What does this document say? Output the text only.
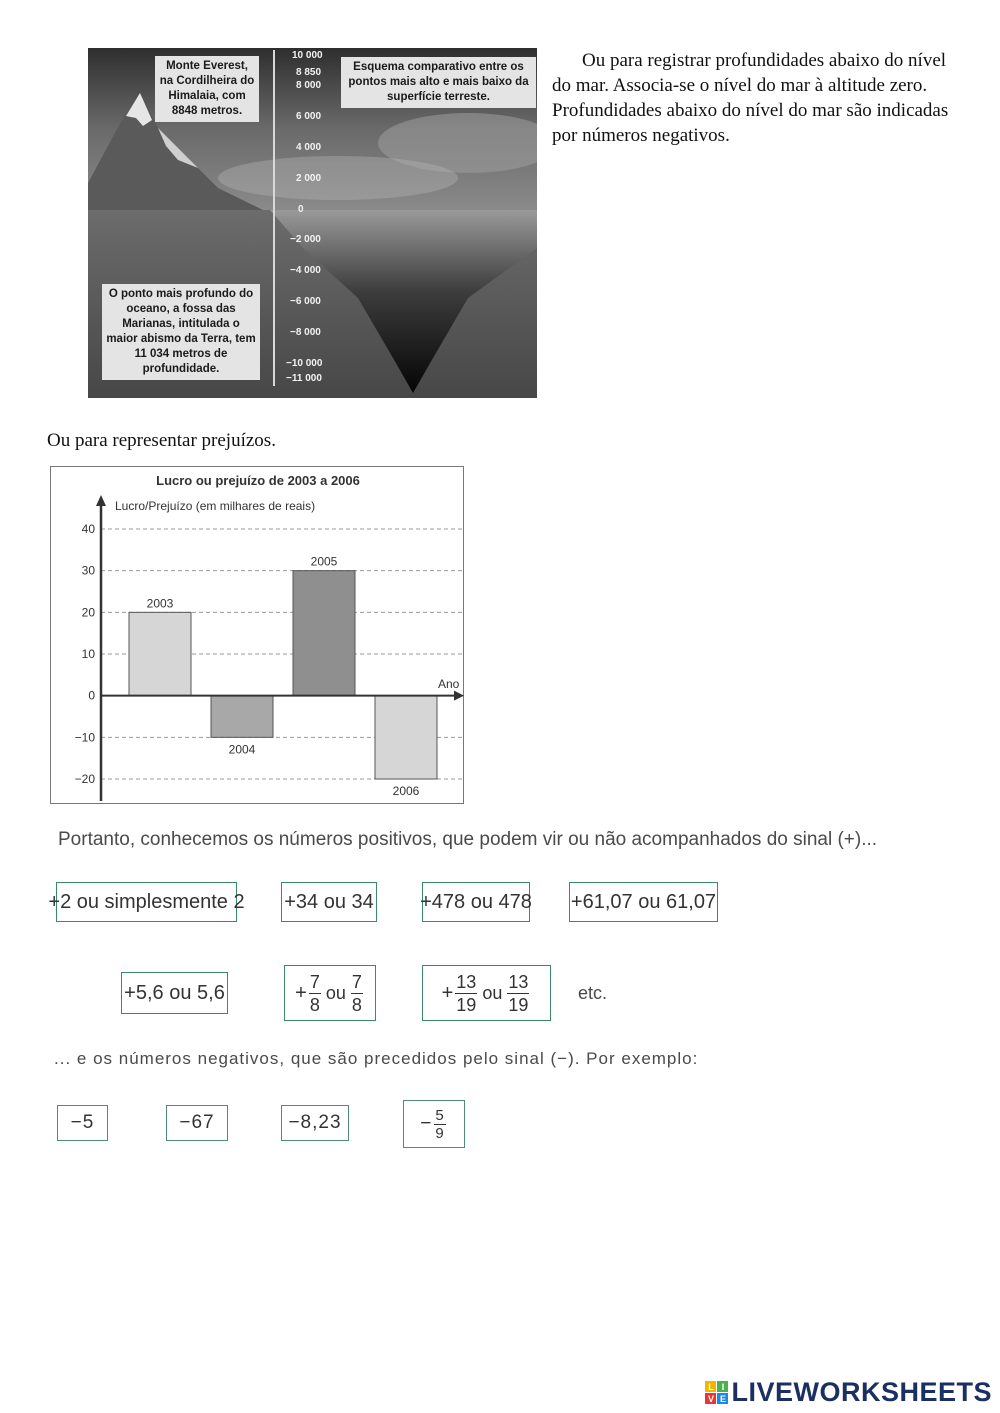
Monte Everest, na Cordilheira do Himalaia, com 8848 metros.
Esquema comparativo entre os pontos mais alto e mais baixo da superfície terreste.
O ponto mais profundo do oceano, a fossa das Marianas, intitulada o maior abismo da Terra, tem 11 034 metros de profundidade.
10 000
8 850
8 000
6 000
4 000
2 000
0
−2 000
−4 000
−6 000
−8 000
−10 000
−11 000
Ou para registrar profundidades abaixo do nível do mar. Associa-se o nível do mar à altitude zero. Profundidades abaixo do nível do mar são indicadas por números negativos.
Ou para representar prejuízos.
Lucro ou prejuízo de 2003 a 2006
Lucro/Prejuízo (em milhares de reais)
2003
2004
2005
2006
40
30
20
10
0
−10
−20
Ano
Portanto, conhecemos os números positivos, que podem vir ou não acompanhados do sinal (+)...
+2 ou simplesmente 2 +34 ou 34 +478 ou 478 +61,07 ou 61,07
+5,6 ou 5,6	+ $\frac{7}{8}$ ou $\frac{7}{8}$	+ $\frac{13}{19}$ ou $\frac{13}{19}$	etc.
... e os números negativos, que são precedidos pelo sinal (−). Por exemplo:
−5	−67	−8,23	− $\frac{5}{9}$
L I
V E LIVEWORKSHEETS
